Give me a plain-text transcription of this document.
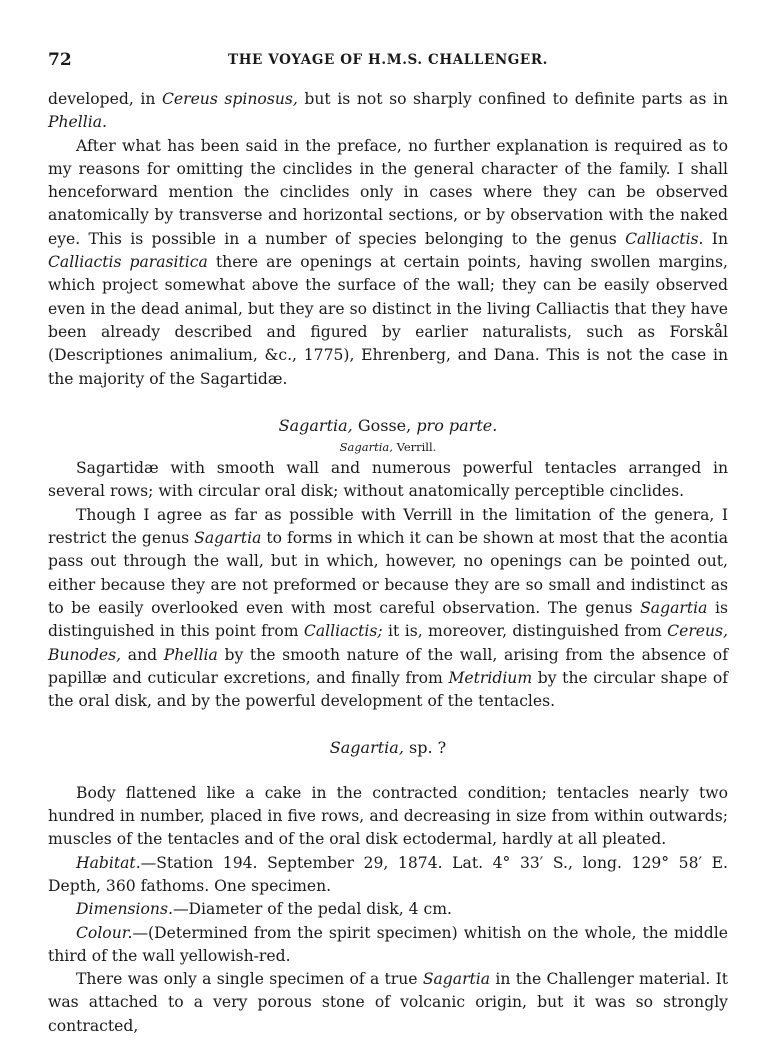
72	THE VOYAGE OF H.M.S. CHALLENGER.

developed, in Cereus spinosus, but is not so sharply confined to definite parts as in Phellia.

After what has been said in the preface, no further explanation is required as to my reasons for omitting the cinclides in the general character of the family. I shall henceforward mention the cinclides only in cases where they can be observed anatomically by transverse and horizontal sections, or by observation with the naked eye. This is possible in a number of species belonging to the genus Calliactis. In Calliactis parasitica there are openings at certain points, having swollen margins, which project somewhat above the surface of the wall; they can be easily observed even in the dead animal, but they are so distinct in the living Calliactis that they have been already described and figured by earlier naturalists, such as Forskål (Descriptiones animalium, &c., 1775), Ehrenberg, and Dana. This is not the case in the majority of the Sagartidæ.

Sagartia, Gosse, pro parte.

Sagartia, Verrill.

Sagartidæ with smooth wall and numerous powerful tentacles arranged in several rows; with circular oral disk; without anatomically perceptible cinclides.

Though I agree as far as possible with Verrill in the limitation of the genera, I restrict the genus Sagartia to forms in which it can be shown at most that the acontia pass out through the wall, but in which, however, no openings can be pointed out, either because they are not preformed or because they are so small and indistinct as to be easily overlooked even with most careful observation. The genus Sagartia is distinguished in this point from Calliactis; it is, moreover, distinguished from Cereus, Bunodes, and Phellia by the smooth nature of the wall, arising from the absence of papillæ and cuticular excretions, and finally from Metridium by the circular shape of the oral disk, and by the powerful development of the tentacles.

Sagartia, sp. ?

Body flattened like a cake in the contracted condition; tentacles nearly two hundred in number, placed in five rows, and decreasing in size from within outwards; muscles of the tentacles and of the oral disk ectodermal, hardly at all pleated.

Habitat.—Station 194. September 29, 1874. Lat. 4° 33′ S., long. 129° 58′ E. Depth, 360 fathoms. One specimen.

Dimensions.—Diameter of the pedal disk, 4 cm.

Colour.—(Determined from the spirit specimen) whitish on the whole, the middle third of the wall yellowish-red.

There was only a single specimen of a true Sagartia in the Challenger material. It was attached to a very porous stone of volcanic origin, but it was so strongly contracted,
